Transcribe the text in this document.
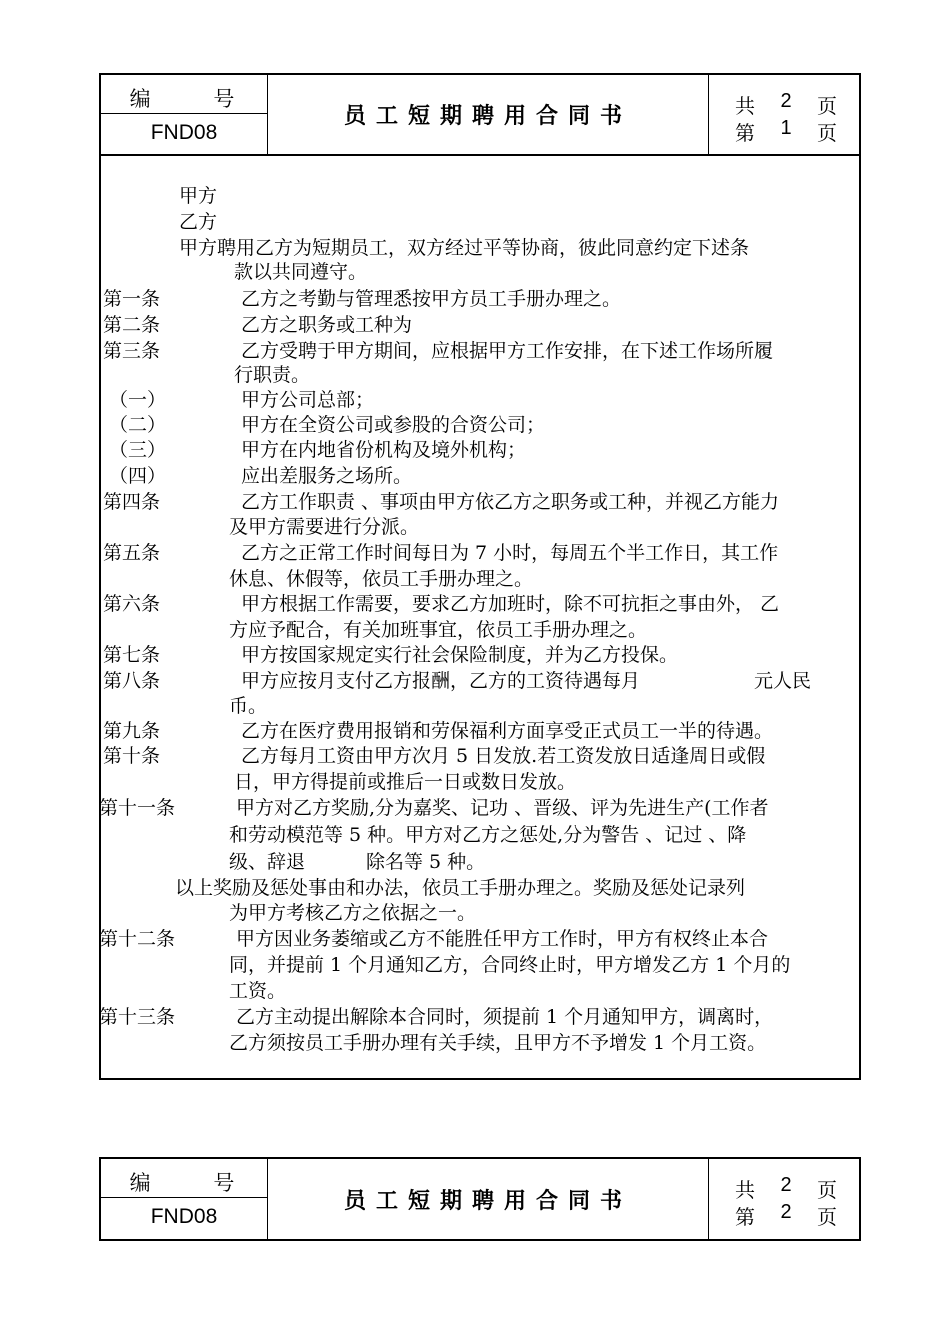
编 号
FND08
员工短期聘用合同书	共	2	页
第	1	页
甲方
乙方
甲方聘用乙方为短期员工，双方经过平等协商，彼此同意约定下述条
款以共同遵守。
第一条	乙方之考勤与管理悉按甲方员工手册办理之。
第二条	乙方之职务或工种为
第三条	乙方受聘于甲方期间，应根据甲方工作安排，在下述工作场所履
行职责。
（一）	甲方公司总部；
（二）	甲方在全资公司或参股的合资公司；
（三）	甲方在内地省份机构及境外机构；
（四）	应出差服务之场所。
第四条	乙方工作职责 、事项由甲方依乙方之职务或工种，并视乙方能力
及甲方需要进行分派。
第五条	乙方之正常工作时间每日为 7 小时，每周五个半工作日，其工作
休息、休假等，依员工手册办理之。
第六条	甲方根据工作需要，要求乙方加班时，除不可抗拒之事由外， 乙
方应予配合，有关加班事宜，依员工手册办理之。
第七条	甲方按国家规定实行社会保险制度，并为乙方投保。
第八条	甲方应按月支付乙方报酬，乙方的工资待遇每月	元人民
币。
第九条	乙方在医疗费用报销和劳保福利方面享受正式员工一半的待遇。
第十条	乙方每月工资由甲方次月 5 日发放.若工资发放日适逢周日或假
日，甲方得提前或推后一日或数日发放。
第十一条	甲方对乙方奖励,分为嘉奖、记功 、晋级、评为先进生产(工作者
和劳动模范等 5 种。甲方对乙方之惩处,分为警告 、记过 、降
级、辞退	除名等 5 种。
以上奖励及惩处事由和办法，依员工手册办理之。奖励及惩处记录列
为甲方考核乙方之依据之一。
第十二条	甲方因业务萎缩或乙方不能胜任甲方工作时，甲方有权终止本合
同，并提前 1 个月通知乙方，合同终止时，甲方增发乙方 1 个月的
工资。
第十三条	乙方主动提出解除本合同时，须提前 1 个月通知甲方，调离时，
乙方须按员工手册办理有关手续，且甲方不予增发 1 个月工资。
编 号
FND08
员工短期聘用合同书	共	2	页
第	2	页
